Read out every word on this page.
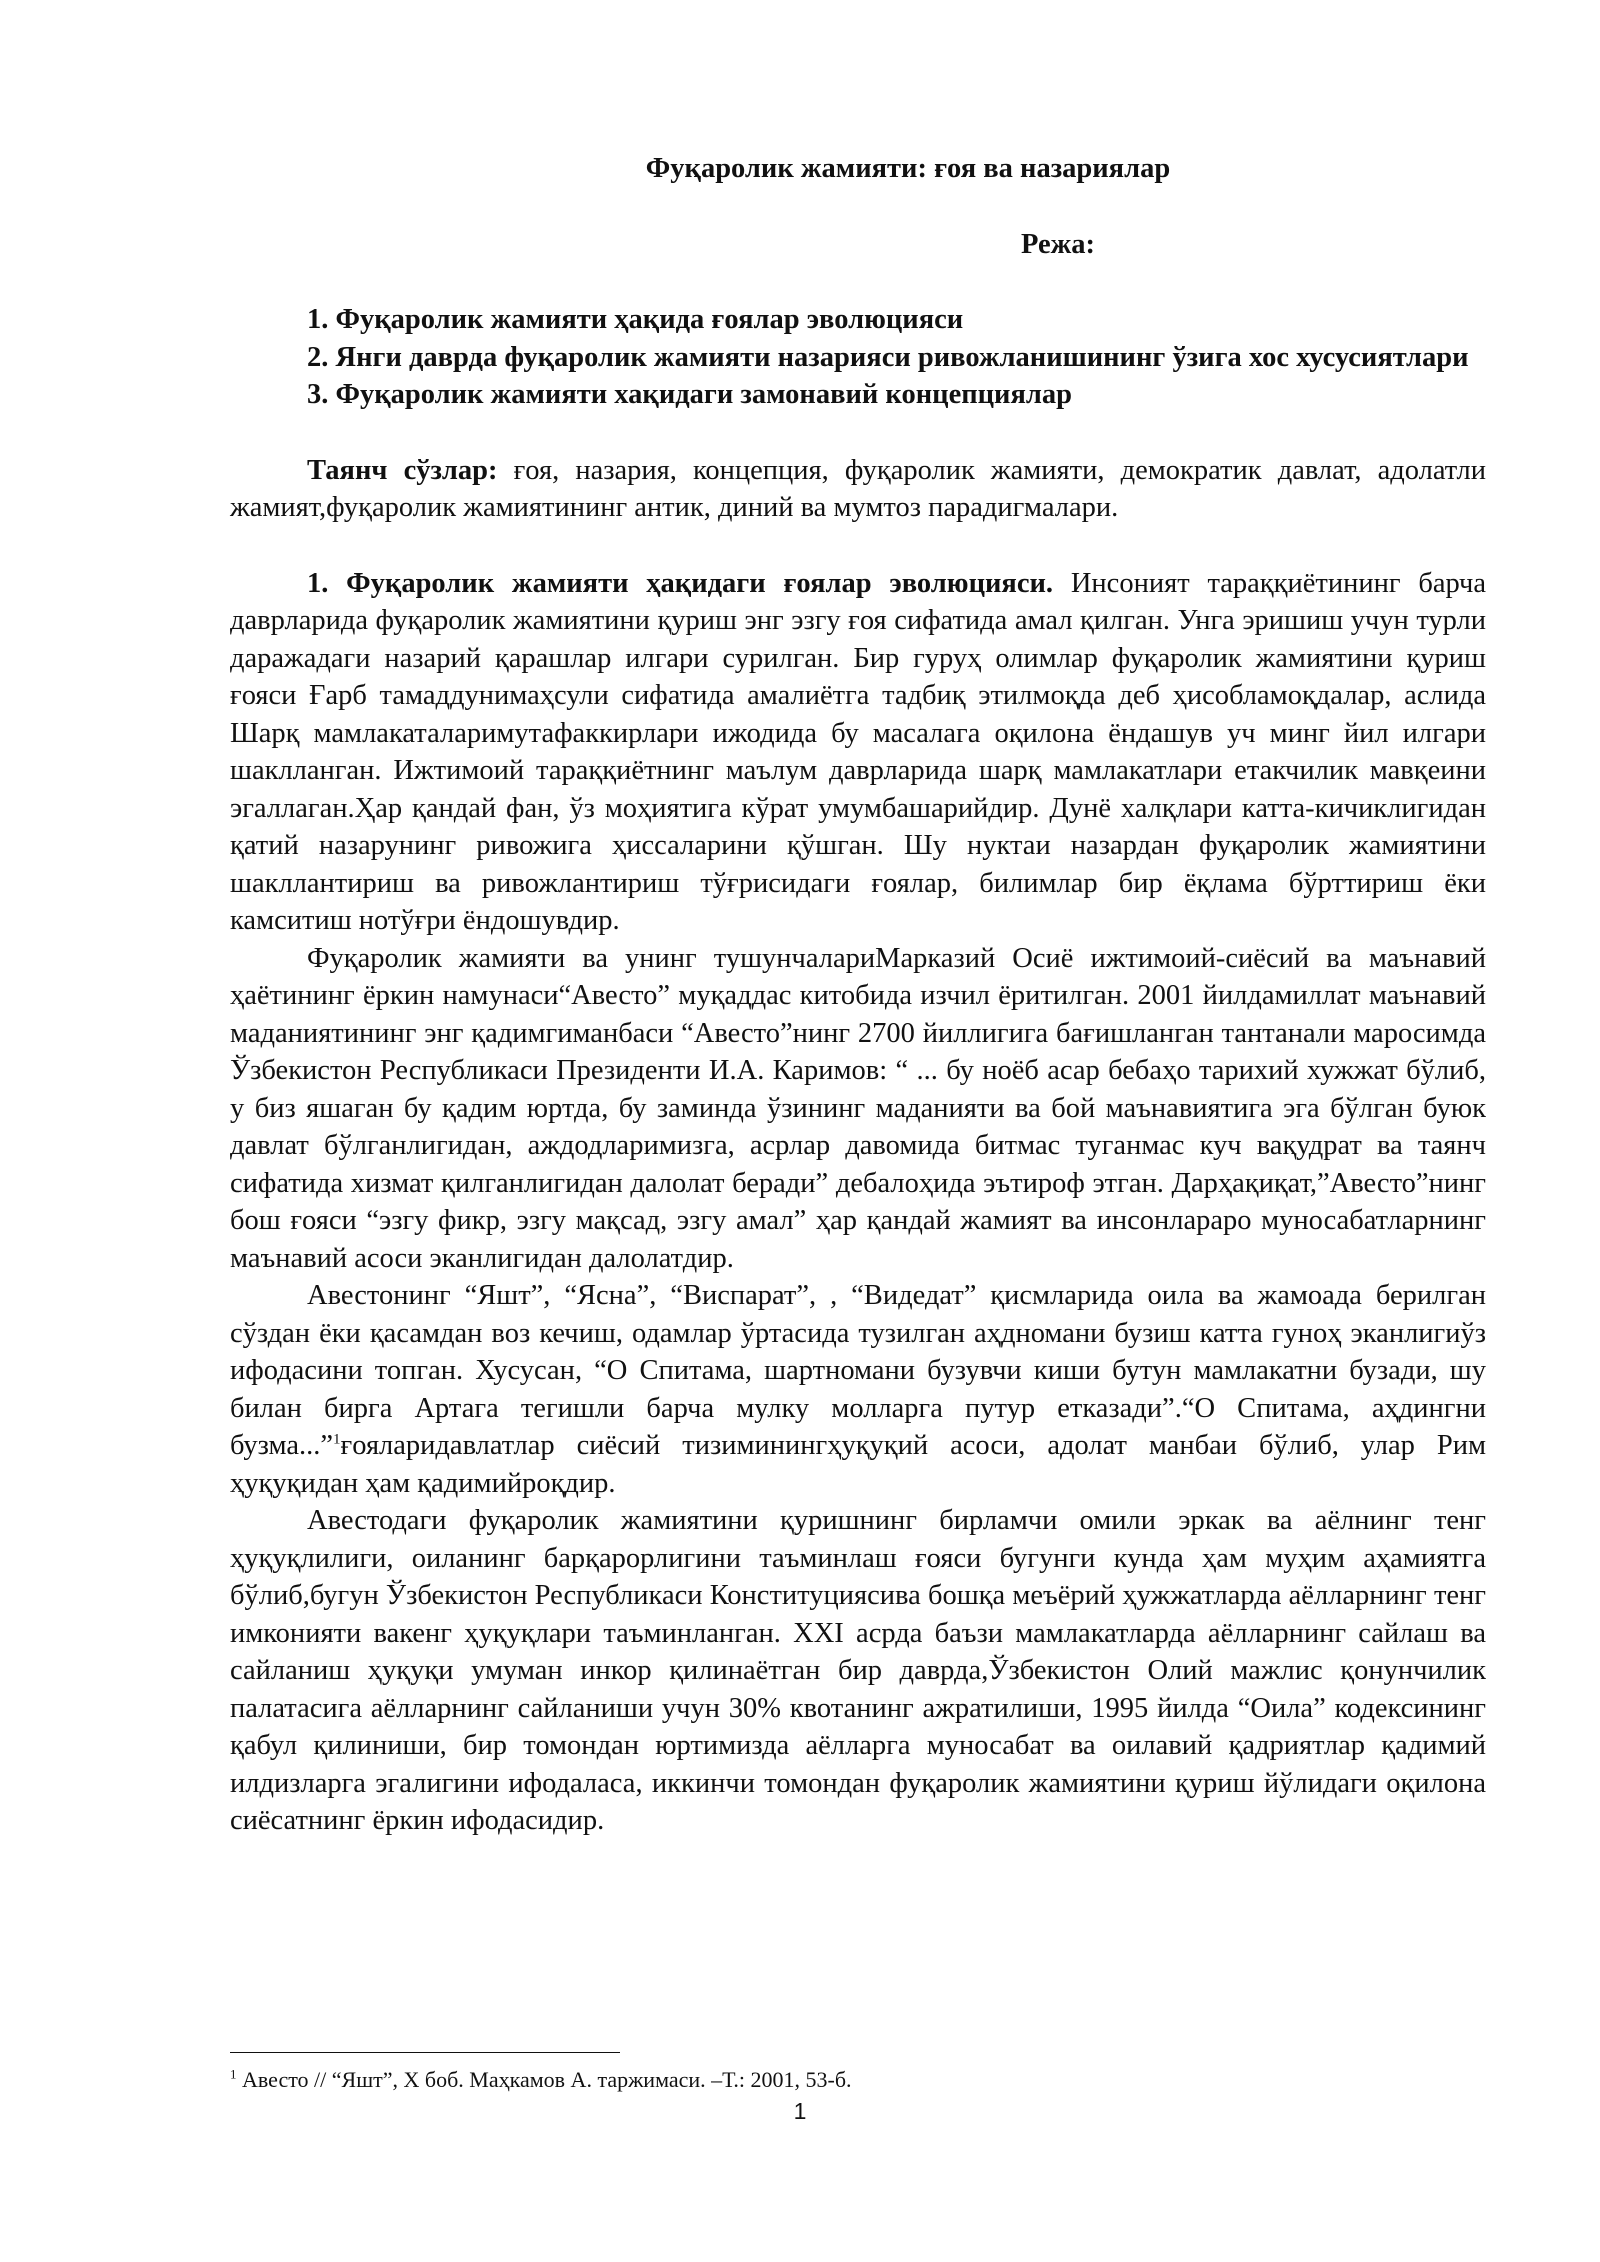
Фуқаролик жамияти: ғоя ва назариялар

Режа:

1. Фуқаролик жамияти ҳақида ғоялар эволюцияси
2. Янги даврда фуқаролик жамияти назарияси ривожланишининг ўзига хос хусусиятлари
3. Фуқаролик жамияти хақидаги замонавий концепциялар

Таянч сўзлар: ғоя, назария, концепция, фуқаролик жамияти, демократик давлат, адолатли жамият,фуқаролик жамиятининг антик, диний ва мумтоз парадигмалари.

1. Фуқаролик жамияти ҳақидаги ғоялар эволюцияси. Инсоният тараққиётининг барча даврларида фуқаролик жамиятини қуриш энг эзгу ғоя сифатида амал қилган. Унга эришиш учун турли даражадаги назарий қарашлар илгари сурилган. Бир гуруҳ олимлар фуқаролик жамиятини қуриш ғояси Ғарб тамаддунимаҳсули сифатида амалиётга тадбиқ этилмоқда деб ҳисобламоқдалар, аслида Шарқ мамлакаталаримутафаккирлари ижодида бу масалага оқилона ёндашув уч минг йил илгари шаклланган. Ижтимоий тараққиётнинг маълум даврларида шарқ мамлакатлари етакчилик мавқеини эгаллаган.Ҳар қандай фан, ўз моҳиятига кўрат умумбашарийдир. Дунё халқлари катта-кичиклигидан қатий назарунинг ривожига ҳиссаларини қўшган. Шу нуктаи назардан фуқаролик жамиятини шакллантириш ва ривожлантириш тўғрисидаги ғоялар, билимлар бир ёқлама бўрттириш ёки камситиш нотўғри ёндошувдир.

Фуқаролик жамияти ва унинг тушунчалариМарказий Осиё ижтимоий-сиёсий ва маънавий ҳаётининг ёркин намунаси“Авесто” муқаддас китобида изчил ёритилган. 2001 йилдамиллат маънавий маданиятининг энг қадимгиманбаси “Авесто”нинг 2700 йиллигига бағишланган тантанали маросимда Ўзбекистон Республикаси Президенти И.А. Каримов: “ ... бу ноёб асар бебаҳо тарихий хужжат бўлиб, у биз яшаган бу қадим юртда, бу заминда ўзининг маданияти ва бой маънавиятига эга бўлган буюк давлат бўлганлигидан, аждодларимизга, асрлар давомида битмас туганмас куч вақудрат ва таянч сифатида хизмат қилганлигидан далолат беради” дебалоҳида эътироф этган. Дарҳақиқат,”Авесто”нинг бош ғояси “эзгу фикр, эзгу мақсад, эзгу амал” ҳар қандай жамият ва инсонлараро муносабатларнинг маънавий асоси эканлигидан далолатдир.

Авестонинг “Яшт”, “Ясна”, “Виспарат”, , “Видедат” қисмларида оила ва жамоада берилган сўздан ёки қасамдан воз кечиш, одамлар ўртасида тузилган аҳдномани бузиш катта гуноҳ эканлигиўз ифодасини топган. Хусусан, “О Спитама, шартномани бузувчи киши бутун мамлакатни бузади, шу билан бирга Артага тегишли барча мулку молларга путур етказади”.“О Спитама, аҳдингни бузма...”$^1$ғояларидавлатлар сиёсий тизиминингҳуқуқий асоси, адолат манбаи бўлиб, улар Рим ҳуқуқидан ҳам қадимийроқдир.

Авестодаги фуқаролик жамиятини қуришнинг бирламчи омили эркак ва аёлнинг тенг ҳуқуқлилиги, оиланинг барқарорлигини таъминлаш ғояси бугунги кунда ҳам муҳим аҳамиятга бўлиб,бугун Ўзбекистон Республикаси Конституциясива бошқа меъёрий ҳужжатларда аёлларнинг тенг имконияти вакенг ҳуқуқлари таъминланган. XXI асрда баъзи мамлакатларда аёлларнинг сайлаш ва сайланиш ҳуқуқи умуман инкор қилинаётган бир даврда,Ўзбекистон Олий мажлис қонунчилик палатасига аёлларнинг сайланиши учун 30% квотанинг ажратилиши, 1995 йилда “Оила” кодексининг қабул қилиниши, бир томондан юртимизда аёлларга муносабат ва оилавий қадриятлар қадимий илдизларга эгалигини ифодаласа, иккинчи томондан фуқаролик жамиятини қуриш йўлидаги оқилона сиёсатнинг ёркин ифодасидир.

$^1$ Авесто // “Яшт”, X боб. Маҳкамов А. таржимаси. –Т.: 2001, 53-б.
1
